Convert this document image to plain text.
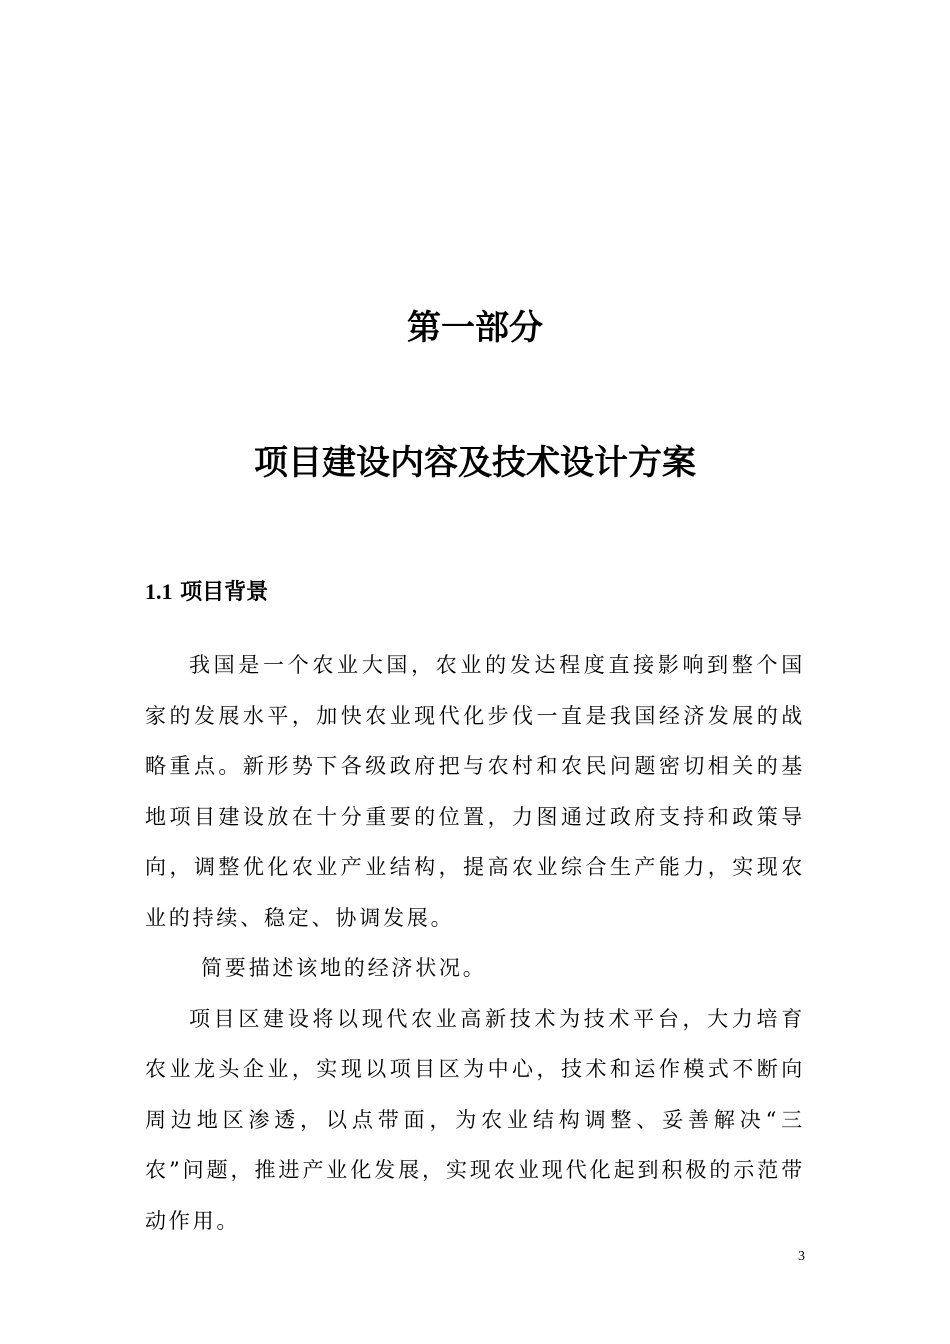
第一部分
项目建设内容及技术设计方案
1.1 项目背景

我国是一个农业大国，农业的发达程度直接影响到整个国家的发展水平，加快农业现代化步伐一直是我国经济发展的战略重点。新形势下各级政府把与农村和农民问题密切相关的基地项目建设放在十分重要的位置，力图通过政府支持和政策导向，调整优化农业产业结构，提高农业综合生产能力，实现农业的持续、稳定、协调发展。

简要描述该地的经济状况。

项目区建设将以现代农业高新技术为技术平台，大力培育农业龙头企业，实现以项目区为中心，技术和运作模式不断向周边地区渗透，以点带面，为农业结构调整、妥善解决“三农”问题，推进产业化发展，实现农业现代化起到积极的示范带动作用。

3
